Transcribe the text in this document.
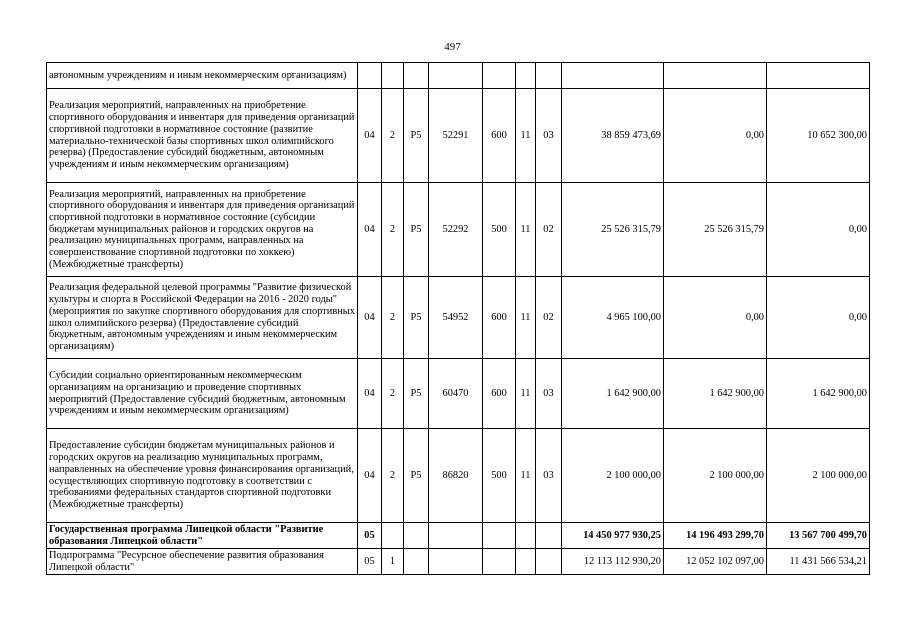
497
автономным учреждениям и иным некоммерческим организациям)										
Реализация мероприятий, направленных на приобретение спортивного оборудования и инвентаря для приведения организаций спортивной подготовки в нормативное состояние (развитие материально-технической базы спортивных школ олимпийского резерва) (Предоставление субсидий бюджетным, автономным учреждениям и иным некоммерческим организациям)	04	2	P5	52291	600	11	03	38 859 473,69	0,00	10 652 300,00
Реализация мероприятий, направленных на приобретение спортивного оборудования и инвентаря для приведения организаций спортивной подготовки в нормативное состояние (субсидии бюджетам муниципальных районов и городских округов на реализацию муниципальных программ, направленных на совершенствование спортивной подготовки по хоккею) (Межбюджетные трансферты)	04	2	P5	52292	500	11	02	25 526 315,79	25 526 315,79	0,00
Реализация федеральной целевой программы "Развитие физической культуры и спорта в Российской Федерации на 2016 - 2020 годы" (мероприятия по закупке спортивного оборудования для спортивных школ олимпийского резерва) (Предоставление субсидий бюджетным, автономным учреждениям и иным некоммерческим организациям)	04	2	P5	54952	600	11	02	4 965 100,00	0,00	0,00
Субсидии социально ориентированным некоммерческим организациям на организацию и проведение спортивных мероприятий (Предоставление субсидий бюджетным, автономным учреждениям и иным некоммерческим организациям)	04	2	P5	60470	600	11	03	1 642 900,00	1 642 900,00	1 642 900,00
Предоставление субсидии бюджетам муниципальных районов и городских округов на реализацию муниципальных программ, направленных на обеспечение уровня финансирования организаций, осуществляющих спортивную подготовку в соответствии с требованиями федеральных стандартов спортивной подготовки (Межбюджетные трансферты)	04	2	P5	86820	500	11	03	2 100 000,00	2 100 000,00	2 100 000,00
Государственная программа Липецкой области "Развитие образования Липецкой области"	05							14 450 977 930,25	14 196 493 299,70	13 567 700 499,70
Подпрограмма "Ресурсное обеспечение развития образования Липецкой области"	05	1						12 113 112 930,20	12 052 102 097,00	11 431 566 534,21
